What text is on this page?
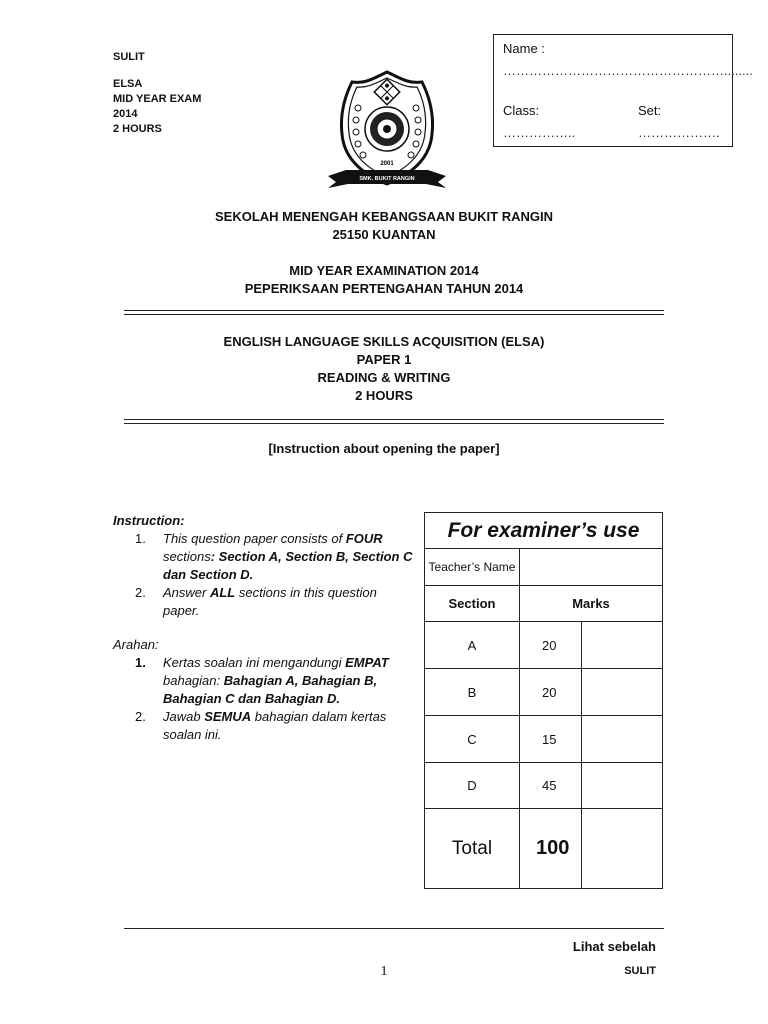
SULIT
ELSA
MID YEAR EXAM
2014
2 HOURS
Name :
……………………………………………........
Class:
……………..
Set:
……………….
2001
SMK. BUKIT RANGIN
SEKOLAH MENENGAH KEBANGSAAN BUKIT RANGIN
25150 KUANTAN
MID YEAR EXAMINATION 2014
PEPERIKSAAN PERTENGAHAN TAHUN 2014
ENGLISH LANGUAGE SKILLS ACQUISITION (ELSA)
PAPER 1
READING & WRITING
2 HOURS
[Instruction about opening the paper]
Instruction:
1. This question paper consists of FOUR sections: Section A, Section B, Section C dan Section D.
2. Answer ALL sections in this question paper.
Arahan:
1. Kertas soalan ini mengandungi EMPAT bahagian: Bahagian A, Bahagian B, Bahagian C dan Bahagian D.
2. Jawab SEMUA bahagian dalam kertas soalan ini.
For examiner’s use		
Teacher’s Name		
Section	Marks	
A	20	
B	20	
C	15	
D	45	
Total	100	
Lihat sebelah
1	SULIT
